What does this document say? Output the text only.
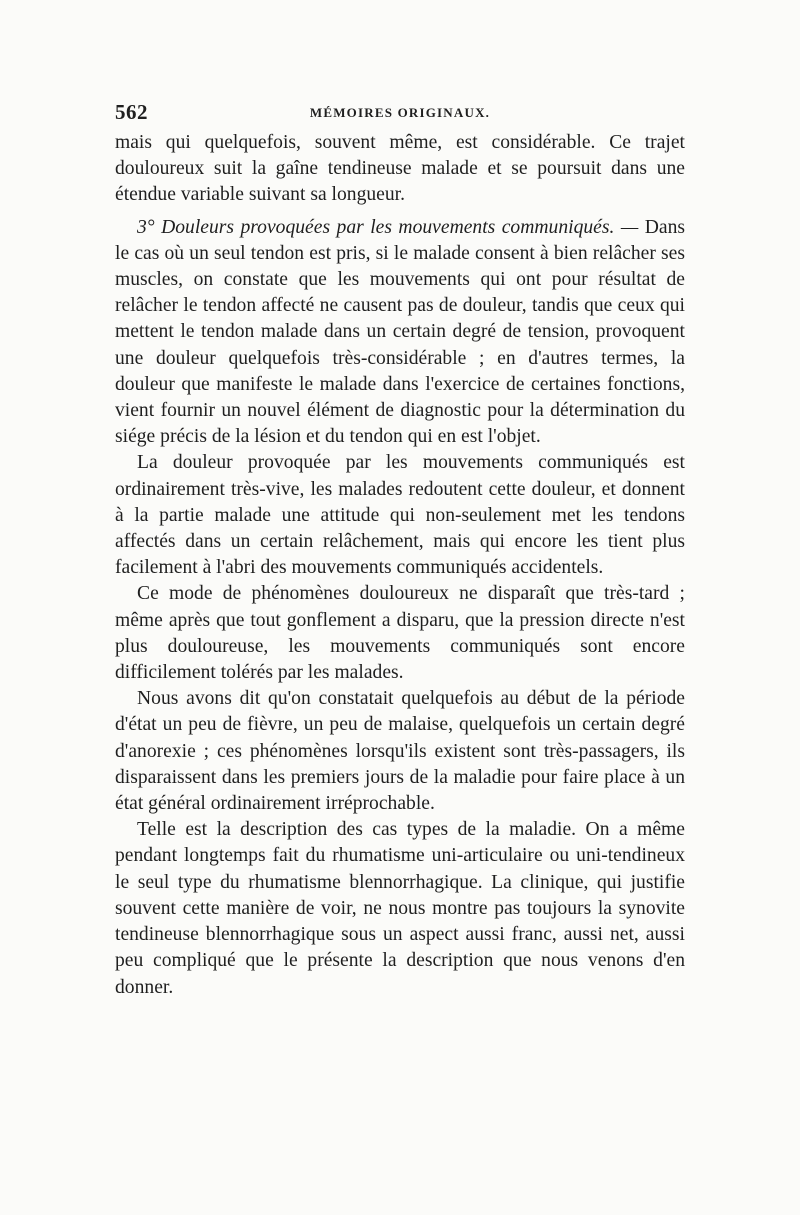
562	MÉMOIRES ORIGINAUX.

mais qui quelquefois, souvent même, est considérable. Ce trajet douloureux suit la gaîne tendineuse malade et se poursuit dans une étendue variable suivant sa longueur.

3° Douleurs provoquées par les mouvements communiqués. — Dans le cas où un seul tendon est pris, si le malade consent à bien relâcher ses muscles, on constate que les mouvements qui ont pour résultat de relâcher le tendon affecté ne causent pas de douleur, tandis que ceux qui mettent le tendon malade dans un certain degré de tension, provoquent une douleur quelquefois très-considérable ; en d'autres termes, la douleur que manifeste le malade dans l'exercice de certaines fonctions, vient fournir un nouvel élément de diagnostic pour la détermination du siége précis de la lésion et du tendon qui en est l'objet.

La douleur provoquée par les mouvements communiqués est ordinairement très-vive, les malades redoutent cette douleur, et donnent à la partie malade une attitude qui non-seulement met les tendons affectés dans un certain relâchement, mais qui encore les tient plus facilement à l'abri des mouvements communiqués accidentels.

Ce mode de phénomènes douloureux ne disparaît que très-tard ; même après que tout gonflement a disparu, que la pression directe n'est plus douloureuse, les mouvements communiqués sont encore difficilement tolérés par les malades.

Nous avons dit qu'on constatait quelquefois au début de la période d'état un peu de fièvre, un peu de malaise, quelquefois un certain degré d'anorexie ; ces phénomènes lorsqu'ils existent sont très-passagers, ils disparaissent dans les premiers jours de la maladie pour faire place à un état général ordinairement irréprochable.

Telle est la description des cas types de la maladie. On a même pendant longtemps fait du rhumatisme uni-articulaire ou uni-tendineux le seul type du rhumatisme blennorrhagique. La clinique, qui justifie souvent cette manière de voir, ne nous montre pas toujours la synovite tendineuse blennorrhagique sous un aspect aussi franc, aussi net, aussi peu compliqué que le présente la description que nous venons d'en donner.
